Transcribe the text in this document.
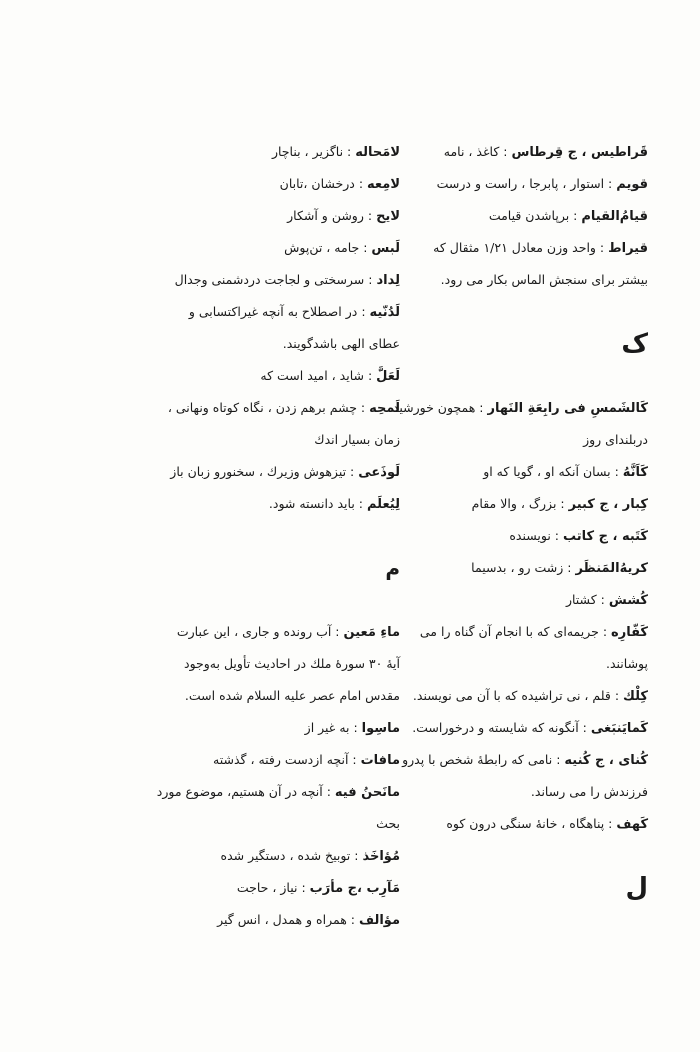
قَراطیس ، ج قِرطاس : کاغذ ، نامه
قویم : استوار ، پابرجا ، راست و درست
قیامُ‌القیام : برپاشدن قیامت
قیراط : واحد وزن معادل ۱/۲۱ مثقال که
بیشتر برای سنجش الماس بکار می رود.
ک
کَالشَمسِ فی رابِعَةِ النَهار : همچون خورشید
دربلندای روز
کَاَنَّهُ : بسان آنکه او ، گویا که او
کِبار ، ج کبیر : بزرگ ، والا مقام
کَتَبه ، ج کاتب : نویسنده
کریهُ‌المَنظَر : زشت رو ، بدسیما
کُشش : کشتار
کَفّارِه : جریمه‌ای که با انجام آن گناه را می
پوشانند.
کِلْك : قلم ، نی تراشیده که با آن می نویسند.
کَمایَنبَغی : آنگونه که شایسته و درخوراست.
کُنای ، ج کُنیه : نامی که رابطهٔ شخص با پدرو
فرزندش را می رساند.
کَهف : پناهگاه ، خانهٔ سنگی درون کوه
ل
لامَحاله : ناگزیر ، بناچار
لامِعه : درخشان ،تابان
لایح : روشن و آشکار
لَبس : جامه ، تن‌پوش
لِداد : سرسختی و لجاجت دردشمنی وجدال
لَدُنّیه : در اصطلاح به آنچه غیراکتسابی و
عطای الهی باشدگویند.
لَعَلَّ : شاید ، امید است که
لَمحِه : چشم برهم زدن ، نگاه کوتاه ونهانی ،
زمان بسیار اندك
لَوذَعی : تیزهوش وزیرك ، سخنورو زبان باز
لِیُعلَم : باید دانسته شود.
م
ماءِ مَعین : آب رونده و جاری ، این عبارت
آیهٔ ۳۰ سورهٔ ملك در احادیث تأویل به‌وجود
مقدس امام عصر علیه السلام شده است.
ماسِوا : به غیر از
مافات : آنچه ازدست رفته ، گذشته
مانَحنُ فیه : آنچه در آن هستیم، موضوع مورد
بحث
مُؤاخَذ : توبیخ شده ، دستگیر شده
مَآرِب ،ج مأرَب : نیاز ، حاجت
مؤالف : همراه و همدل ، انس گیر
